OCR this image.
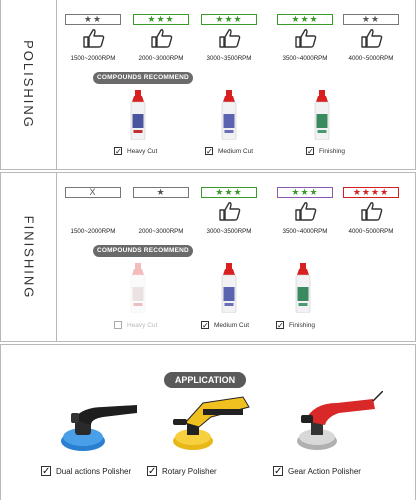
POLISHING
★★
1500~2000RPM
★★★
2000~3000RPM
★★★
3000~3500RPM
★★★
3500~4000RPM
★★
4000~5000RPM
COMPOUNDS RECOMMEND
✓ Heavy Cut	✓ Medium Cut	✓ Finishing
FINISHING
X
1500~2000RPM
★
2000~3000RPM
★★★
3000~3500RPM
★★★
3500~4000RPM
★★★★
4000~5000RPM
COMPOUNDS RECOMMEND
Heavy Cut	✓ Medium Cut	✓ Finishing
APPLICATION
✓ Dual actions Polisher ✓ Rotary Polisher	✓ Gear Action Polisher
